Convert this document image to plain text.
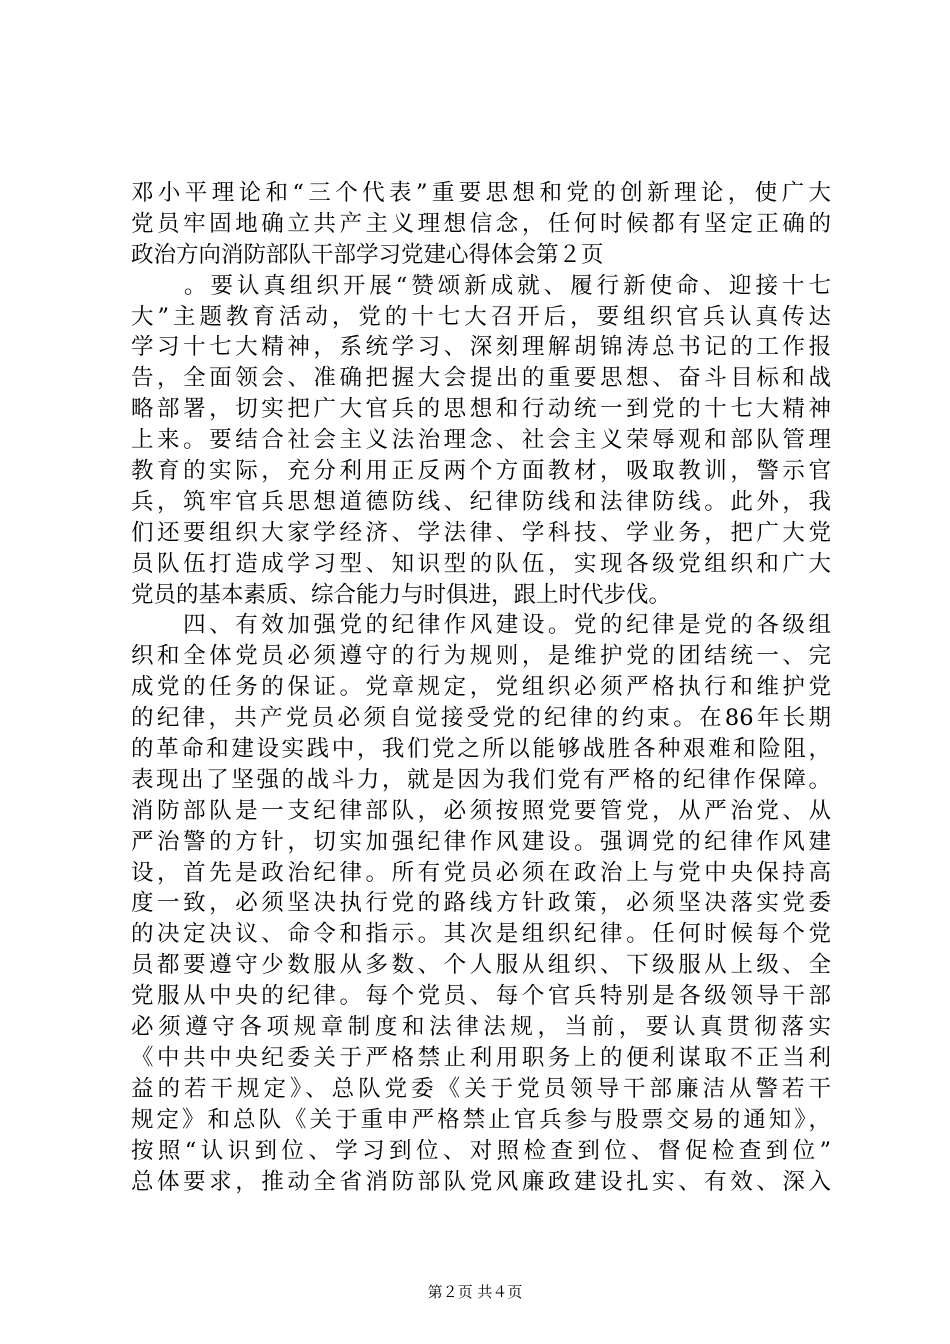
邓小平理论和“三个代表”重要思想和党的创新理论，使广大
党员牢固地确立共产主义理想信念，任何时候都有坚定正确的
政治方向消防部队干部学习党建心得体会第２页
　　。要认真组织开展“赞颂新成就、履行新使命、迎接十七
大”主题教育活动，党的十七大召开后，要组织官兵认真传达
学习十七大精神，系统学习、深刻理解胡锦涛总书记的工作报
告，全面领会、准确把握大会提出的重要思想、奋斗目标和战
略部署，切实把广大官兵的思想和行动统一到党的十七大精神
上来。要结合社会主义法治理念、社会主义荣辱观和部队管理
教育的实际，充分利用正反两个方面教材，吸取教训，警示官
兵，筑牢官兵思想道德防线、纪律防线和法律防线。此外，我
们还要组织大家学经济、学法律、学科技、学业务，把广大党
员队伍打造成学习型、知识型的队伍，实现各级党组织和广大
党员的基本素质、综合能力与时俱进，跟上时代步伐。
　　四、有效加强党的纪律作风建设。党的纪律是党的各级组
织和全体党员必须遵守的行为规则，是维护党的团结统一、完
成党的任务的保证。党章规定，党组织必须严格执行和维护党
的纪律，共产党员必须自觉接受党的纪律的约束。在86年长期
的革命和建设实践中，我们党之所以能够战胜各种艰难和险阻，
表现出了坚强的战斗力，就是因为我们党有严格的纪律作保障。
消防部队是一支纪律部队，必须按照党要管党，从严治党、从
严治警的方针，切实加强纪律作风建设。强调党的纪律作风建
设，首先是政治纪律。所有党员必须在政治上与党中央保持高
度一致，必须坚决执行党的路线方针政策，必须坚决落实党委
的决定决议、命令和指示。其次是组织纪律。任何时候每个党
员都要遵守少数服从多数、个人服从组织、下级服从上级、全
党服从中央的纪律。每个党员、每个官兵特别是各级领导干部
必须遵守各项规章制度和法律法规，当前，要认真贯彻落实
《中共中央纪委关于严格禁止利用职务上的便利谋取不正当利
益的若干规定》、总队党委《关于党员领导干部廉洁从警若干
规定》和总队《关于重申严格禁止官兵参与股票交易的通知》，
按照“认识到位、学习到位、对照检查到位、督促检查到位”
总体要求，推动全省消防部队党风廉政建设扎实、有效、深入
第２页 共４页
